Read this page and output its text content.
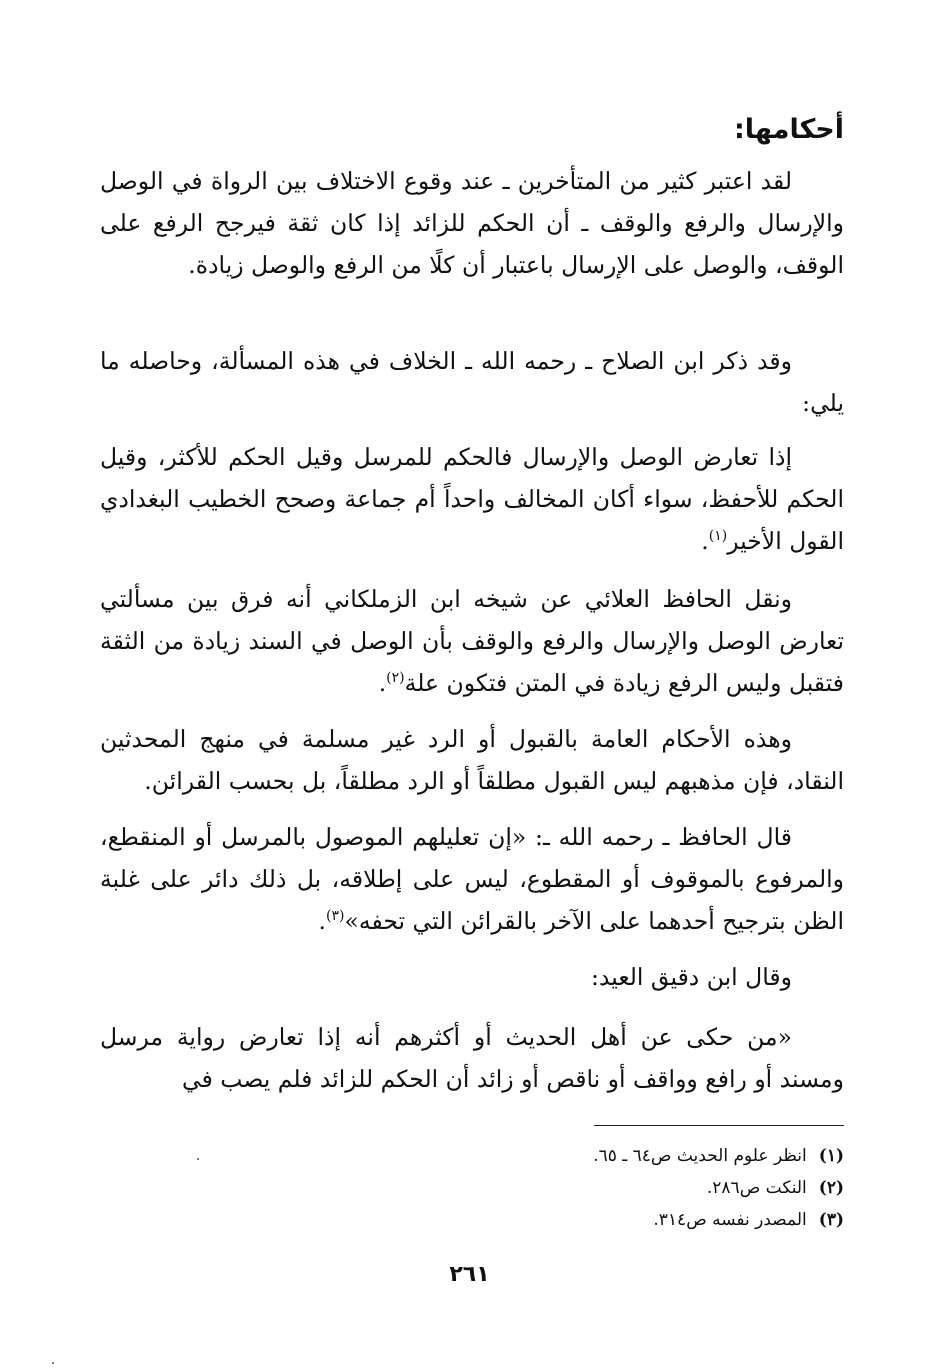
أحكامها:

لقد اعتبر كثير من المتأخرين ـ عند وقوع الاختلاف بين الرواة في الوصل والإرسال والرفع والوقف ـ أن الحكم للزائد إذا كان ثقة فيرجح الرفع على الوقف، والوصل على الإرسال باعتبار أن كلًا من الرفع والوصل زيادة.

وقد ذكر ابن الصلاح ـ رحمه الله ـ الخلاف في هذه المسألة، وحاصله ما يلي:

إذا تعارض الوصل والإرسال فالحكم للمرسل وقيل الحكم للأكثر، وقيل الحكم للأحفظ، سواء أكان المخالف واحداً أم جماعة وصحح الخطيب البغدادي القول الأخير$^{(١)}$.

ونقل الحافظ العلائي عن شيخه ابن الزملكاني أنه فرق بين مسألتي تعارض الوصل والإرسال والرفع والوقف بأن الوصل في السند زيادة من الثقة فتقبل وليس الرفع زيادة في المتن فتكون علة$^{(٢)}$.

وهذه الأحكام العامة بالقبول أو الرد غير مسلمة في منهج المحدثين النقاد، فإن مذهبهم ليس القبول مطلقاً أو الرد مطلقاً، بل بحسب القرائن.

قال الحافظ ـ رحمه الله ـ: «إن تعليلهم الموصول بالمرسل أو المنقطع، والمرفوع بالموقوف أو المقطوع، ليس على إطلاقه، بل ذلك دائر على غلبة الظن بترجيح أحدهما على الآخر بالقرائن التي تحفه»$^{(٣)}$.

وقال ابن دقيق العيد:

«من حكى عن أهل الحديث أو أكثرهم أنه إذا تعارض رواية مرسل ومسند أو رافع وواقف أو ناقص أو زائد أن الحكم للزائد فلم يصب في

(١)انظر علوم الحديث ص٦٤ ـ ٦٥.
(٢)النكت ص٢٨٦.
(٣)المصدر نفسه ص٣١٤.
٢٦١
